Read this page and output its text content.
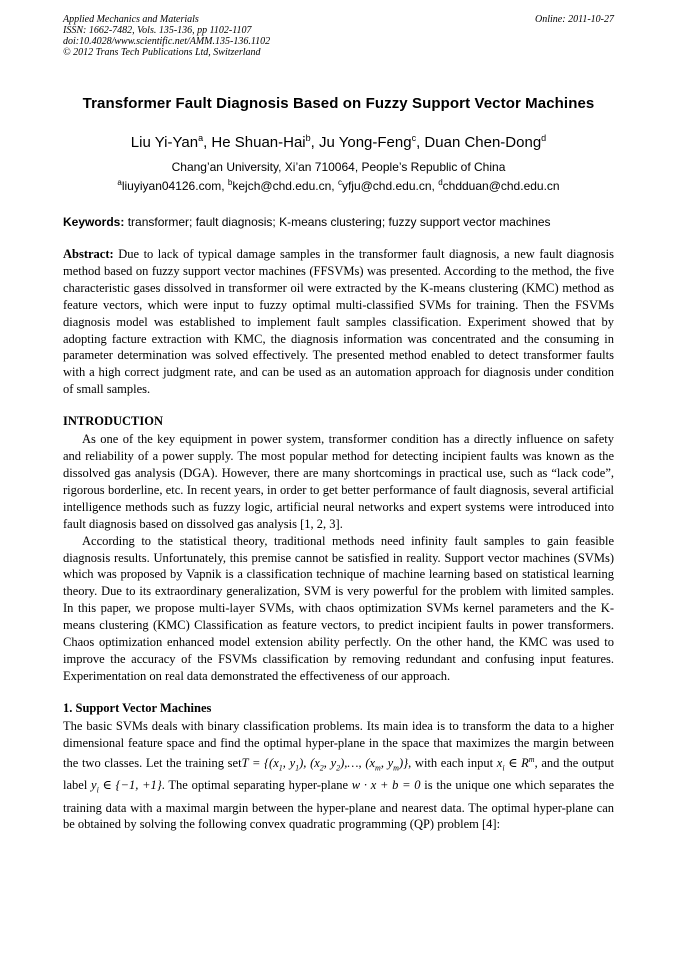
Applied Mechanics and Materials
ISSN: 1662-7482, Vols. 135-136, pp 1102-1107
doi:10.4028/www.scientific.net/AMM.135-136.1102
© 2012 Trans Tech Publications Ltd, Switzerland
Online: 2011-10-27
Transformer Fault Diagnosis Based on Fuzzy Support Vector Machines
Liu Yi-Yan$^a$, He Shuan-Hai$^b$, Ju Yong-Feng$^c$, Duan Chen-Dong$^d$
Chang’an University, Xi’an 710064, People’s Republic of China
$^a$liuyiyan04126.com, $^b$kejch@chd.edu.cn, $^c$yfju@chd.edu.cn, $^d$chdduan@chd.edu.cn
Keywords: transformer; fault diagnosis; K-means clustering; fuzzy support vector machines

Abstract: Due to lack of typical damage samples in the transformer fault diagnosis, a new fault diagnosis method based on fuzzy support vector machines (FFSVMs) was presented. According to the method, the five characteristic gases dissolved in transformer oil were extracted by the K-means clustering (KMC) method as feature vectors, which were input to fuzzy optimal multi-classified SVMs for training. Then the FSVMs diagnosis model was established to implement fault samples classification. Experiment showed that by adopting facture extraction with KMC, the diagnosis information was concentrated and the consuming in parameter determination was solved effectively. The presented method enabled to detect transformer faults with a high correct judgment rate, and can be used as an automation approach for diagnosis under condition of small samples.

INTRODUCTION

As one of the key equipment in power system, transformer condition has a directly influence on safety and reliability of a power supply. The most popular method for detecting incipient faults was known as the dissolved gas analysis (DGA). However, there are many shortcomings in practical use, such as “lack code”, rigorous borderline, etc. In recent years, in order to get better performance of fault diagnosis, several artificial intelligence methods such as fuzzy logic, artificial neural networks and expert systems were introduced into fault diagnosis based on dissolved gas analysis [1, 2, 3].

According to the statistical theory, traditional methods need infinity fault samples to gain feasible diagnosis results. Unfortunately, this premise cannot be satisfied in reality. Support vector machines (SVMs) which was proposed by Vapnik is a classification technique of machine learning based on statistical learning theory. Due to its extraordinary generalization, SVM is very powerful for the problem with limited samples. In this paper, we propose multi-layer SVMs, with chaos optimization SVMs kernel parameters and the K-means clustering (KMC) Classification as feature vectors, to predict incipient faults in power transformers. Chaos optimization enhanced model extension ability perfectly. On the other hand, the KMC was used to improve the accuracy of the FSVMs classification by removing redundant and confusing input features. Experimentation on real data demonstrated the effectiveness of our approach.

1. Support Vector Machines

The basic SVMs deals with binary classification problems. Its main idea is to transform the data to a higher dimensional feature space and find the optimal hyper-plane in the space that maximizes the margin between the two classes. Let the training setT = {($x_1$, $y_1$), ($x_2$, $y_2),\dots$, ($x_m$, $y_m$)}, with each input $x_i$ ∈ $R^m$, and the output label $y_i$ ∈ {−1, +1}. The optimal separating hyper-plane w · x + b = 0 is the unique one which separates the training data with a maximal margin between the hyper-plane and nearest data. The optimal hyper-plane can be obtained by solving the following convex quadratic programming (QP) problem [4]:
